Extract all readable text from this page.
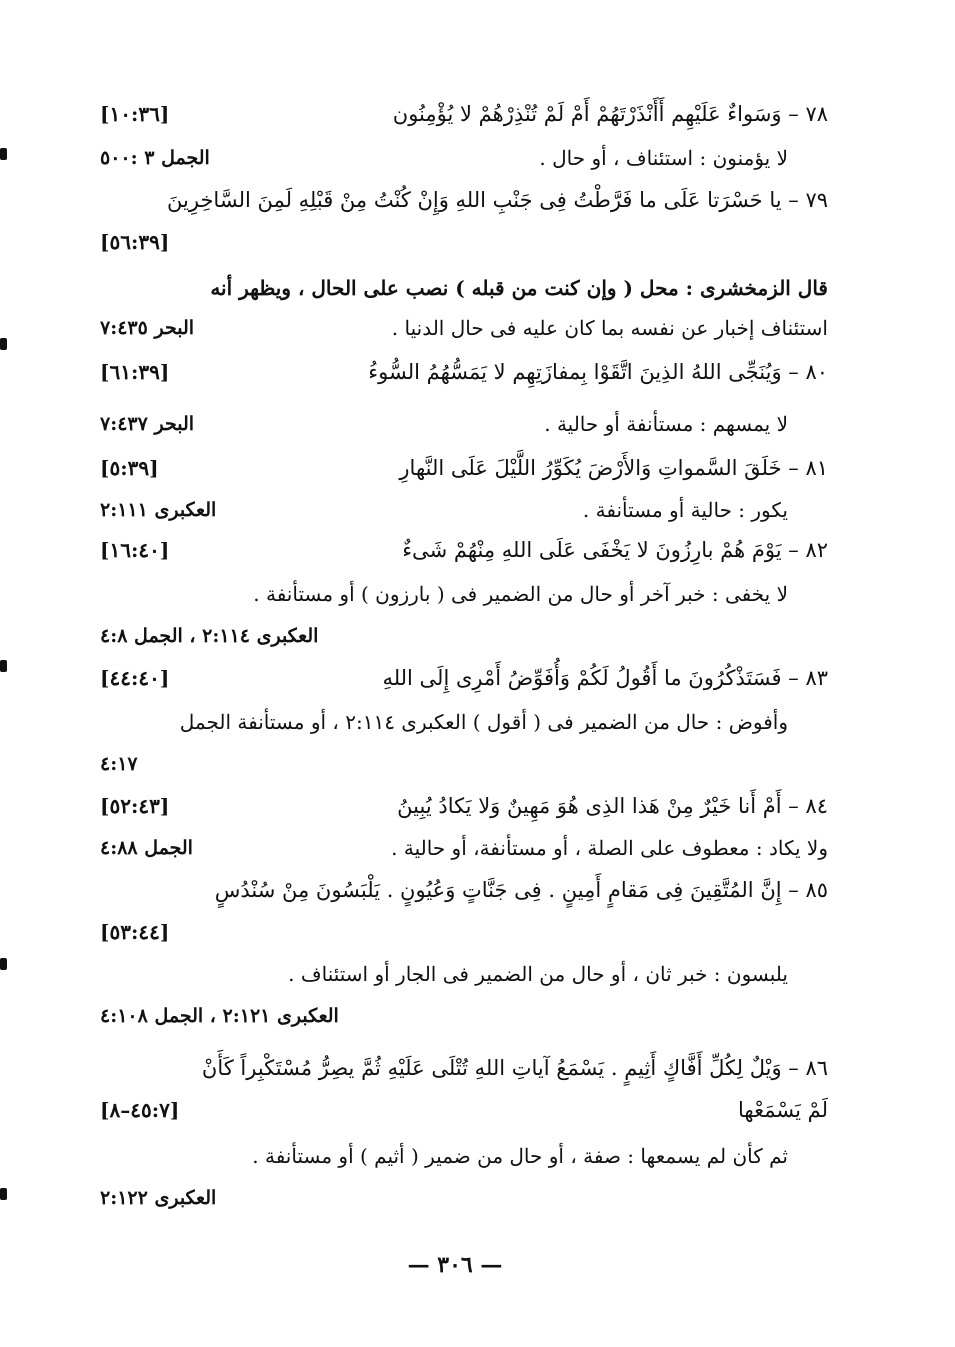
٧٨ – وَسَواءٌ عَلَيْهِم أَأَنْذَرْتَهُمْ أَمْ لَمْ تُنْذِرْهُمْ لا يُؤْمِنُون
[١٠:٣٦]
لا يؤمنون : استئناف ، أو حال .
الجمل ٣ :٥٠٠
٧٩ – يا حَسْرَتا عَلَى ما فَرَّطْتُ فِى جَنْبِ اللهِ وَإِنْ كُنْتُ مِنْ قَبْلِهِ لَمِنَ السَّاخِرِينَ
[٥٦:٣٩]
قال الزمخشرى : محل ( وإن كنت من قبله ) نصب على الحال ، ويظهر أنه
استئناف إخبار عن نفسه بما كان عليه فى حال الدنيا .
البحر ٧:٤٣٥
٨٠ – وَيُنَجِّى اللهُ الذِينَ اتَّقَوْا بِمفازَتِهِم لا يَمَسُّهُمُ السُّوءُ
[٦١:٣٩]
لا يمسهم : مستأنفة أو حالية .
البحر ٧:٤٣٧
٨١ – خَلَقَ السَّمواتِ وَالأَرْضَ يُكَوِّرُ اللَّيْلَ عَلَى النَّهارِ
[٥:٣٩]
يكور : حالية أو مستأنفة .
العكبرى ٢:١١١
٨٢ – يَوْمَ هُمْ بارِزُونَ لا يَخْفَى عَلَى اللهِ مِنْهُمْ شَىءٌ
[١٦:٤٠]
لا يخفى : خبر آخر أو حال من الضمير فى ( بارزون ) أو مستأنفة .
العكبرى ٢:١١٤ ، الجمل ٤:٨
٨٣ – فَسَتَذْكُرُونَ ما أَقُولُ لَكُمْ وَأُفَوِّضُ أَمْرِى إِلَى اللهِ
[٤٤:٤٠]
وأفوض : حال من الضمير فى ( أقول ) العكبرى ٢:١١٤ ، أو مستأنفة الجمل
٤:١٧
٨٤ – أَمْ أَنا خَيْرٌ مِنْ هَذا الذِى هُوَ مَهِينٌ وَلا يَكادُ يُبِينُ
[٥٢:٤٣]
ولا يكاد : معطوف على الصلة ، أو مستأنفة، أو حالية .
الجمل ٤:٨٨
٨٥ – إِنَّ المُتَّقِينَ فِى مَقامٍ أَمِينٍ . فِى جَنَّاتٍ وَعُيُونٍ . يَلْبَسُونَ مِنْ سُنْدُسٍ
[٥٣:٤٤]
يلبسون : خبر ثان ، أو حال من الضمير فى الجار أو استئناف .
العكبرى ٢:١٢١ ، الجمل ٤:١٠٨
٨٦ – وَيْلٌ لِكُلِّ أَفَّاكٍ أَثِيمٍ . يَسْمَعُ آياتِ اللهِ تُتْلَى عَلَيْهِ ثُمَّ يصِرُّ مُسْتَكْبِراً كَأَنْ
لَمْ يَسْمَعْها
[٤٥:٧–٨]
ثم كأن لم يسمعها : صفة ، أو حال من ضمير ( أثيم ) أو مستأنفة .
العكبرى ٢:١٢٢
— ٣٠٦ —
